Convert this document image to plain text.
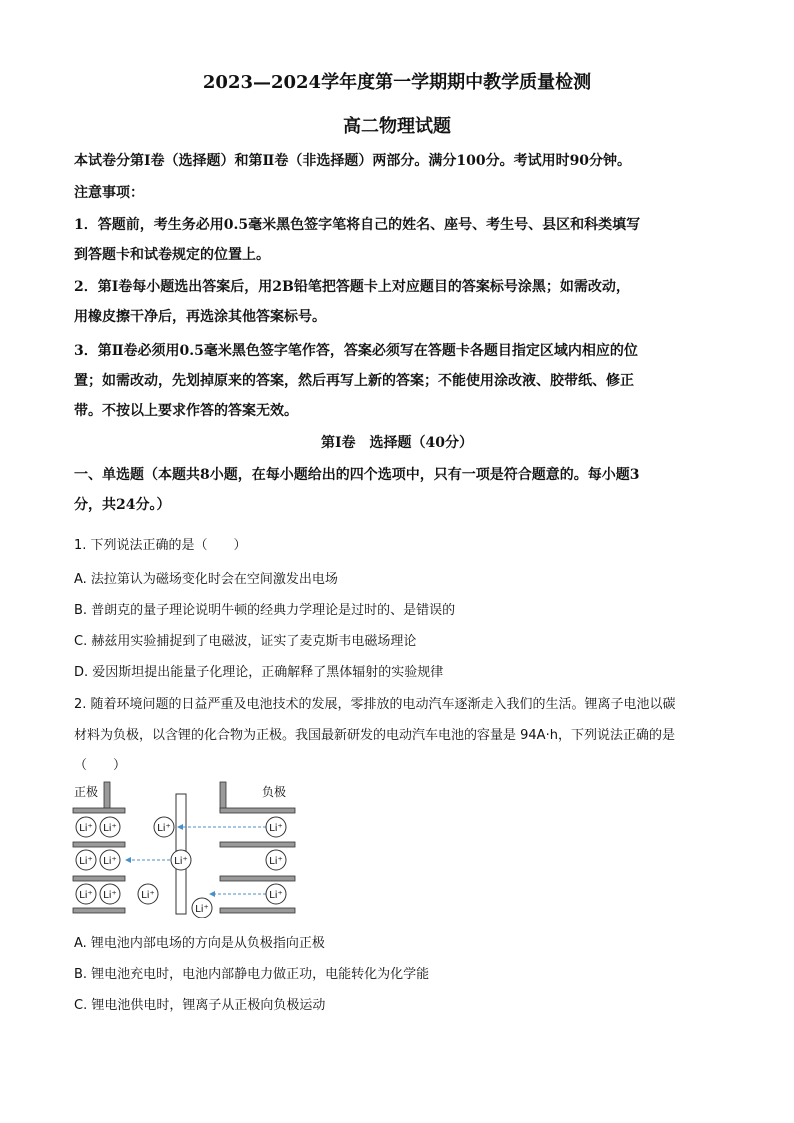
2023—2024学年度第一学期期中教学质量检测
高二物理试题
本试卷分第Ⅰ卷（选择题）和第Ⅱ卷（非选择题）两部分。满分100分。考试用时90分钟。
注意事项：
1．答题前，考生务必用0.5毫米黑色签字笔将自己的姓名、座号、考生号、县区和科类填写
到答题卡和试卷规定的位置上。
2．第Ⅰ卷每小题选出答案后，用2B铅笔把答题卡上对应题目的答案标号涂黑；如需改动，
用橡皮擦干净后，再选涂其他答案标号。
3．第Ⅱ卷必须用0.5毫米黑色签字笔作答，答案必须写在答题卡各题目指定区域内相应的位
置；如需改动，先划掉原来的答案，然后再写上新的答案；不能使用涂改液、胶带纸、修正
带。不按以上要求作答的答案无效。
第Ⅰ卷　选择题（40分）
一、单选题（本题共8小题，在每小题给出的四个选项中，只有一项是符合题意的。每小题3
分，共24分。）
1. 下列说法正确的是（　　）
A. 法拉第认为磁场变化时会在空间激发出电场
B. 普朗克的量子理论说明牛顿的经典力学理论是过时的、是错误的
C. 赫兹用实验捕捉到了电磁波，证实了麦克斯韦电磁场理论
D. 爱因斯坦提出能量子化理论，正确解释了黑体辐射的实验规律
2. 随着环境问题的日益严重及电池技术的发展，零排放的电动汽车逐渐走入我们的生活。锂离子电池以碳
材料为负极，以含锂的化合物为正极。我国最新研发的电动汽车电池的容量是 94A·h，下列说法正确的是
（　　）
正极	负极
Li⁺ Li⁺	Li⁺	Li⁺
Li⁺ Li⁺	Li⁺	Li⁺
Li⁺ Li⁺ Li⁺	Li⁺
Li⁺
A. 锂电池内部电场的方向是从负极指向正极
B. 锂电池充电时，电池内部静电力做正功，电能转化为化学能
C. 锂电池供电时，锂离子从正极向负极运动
